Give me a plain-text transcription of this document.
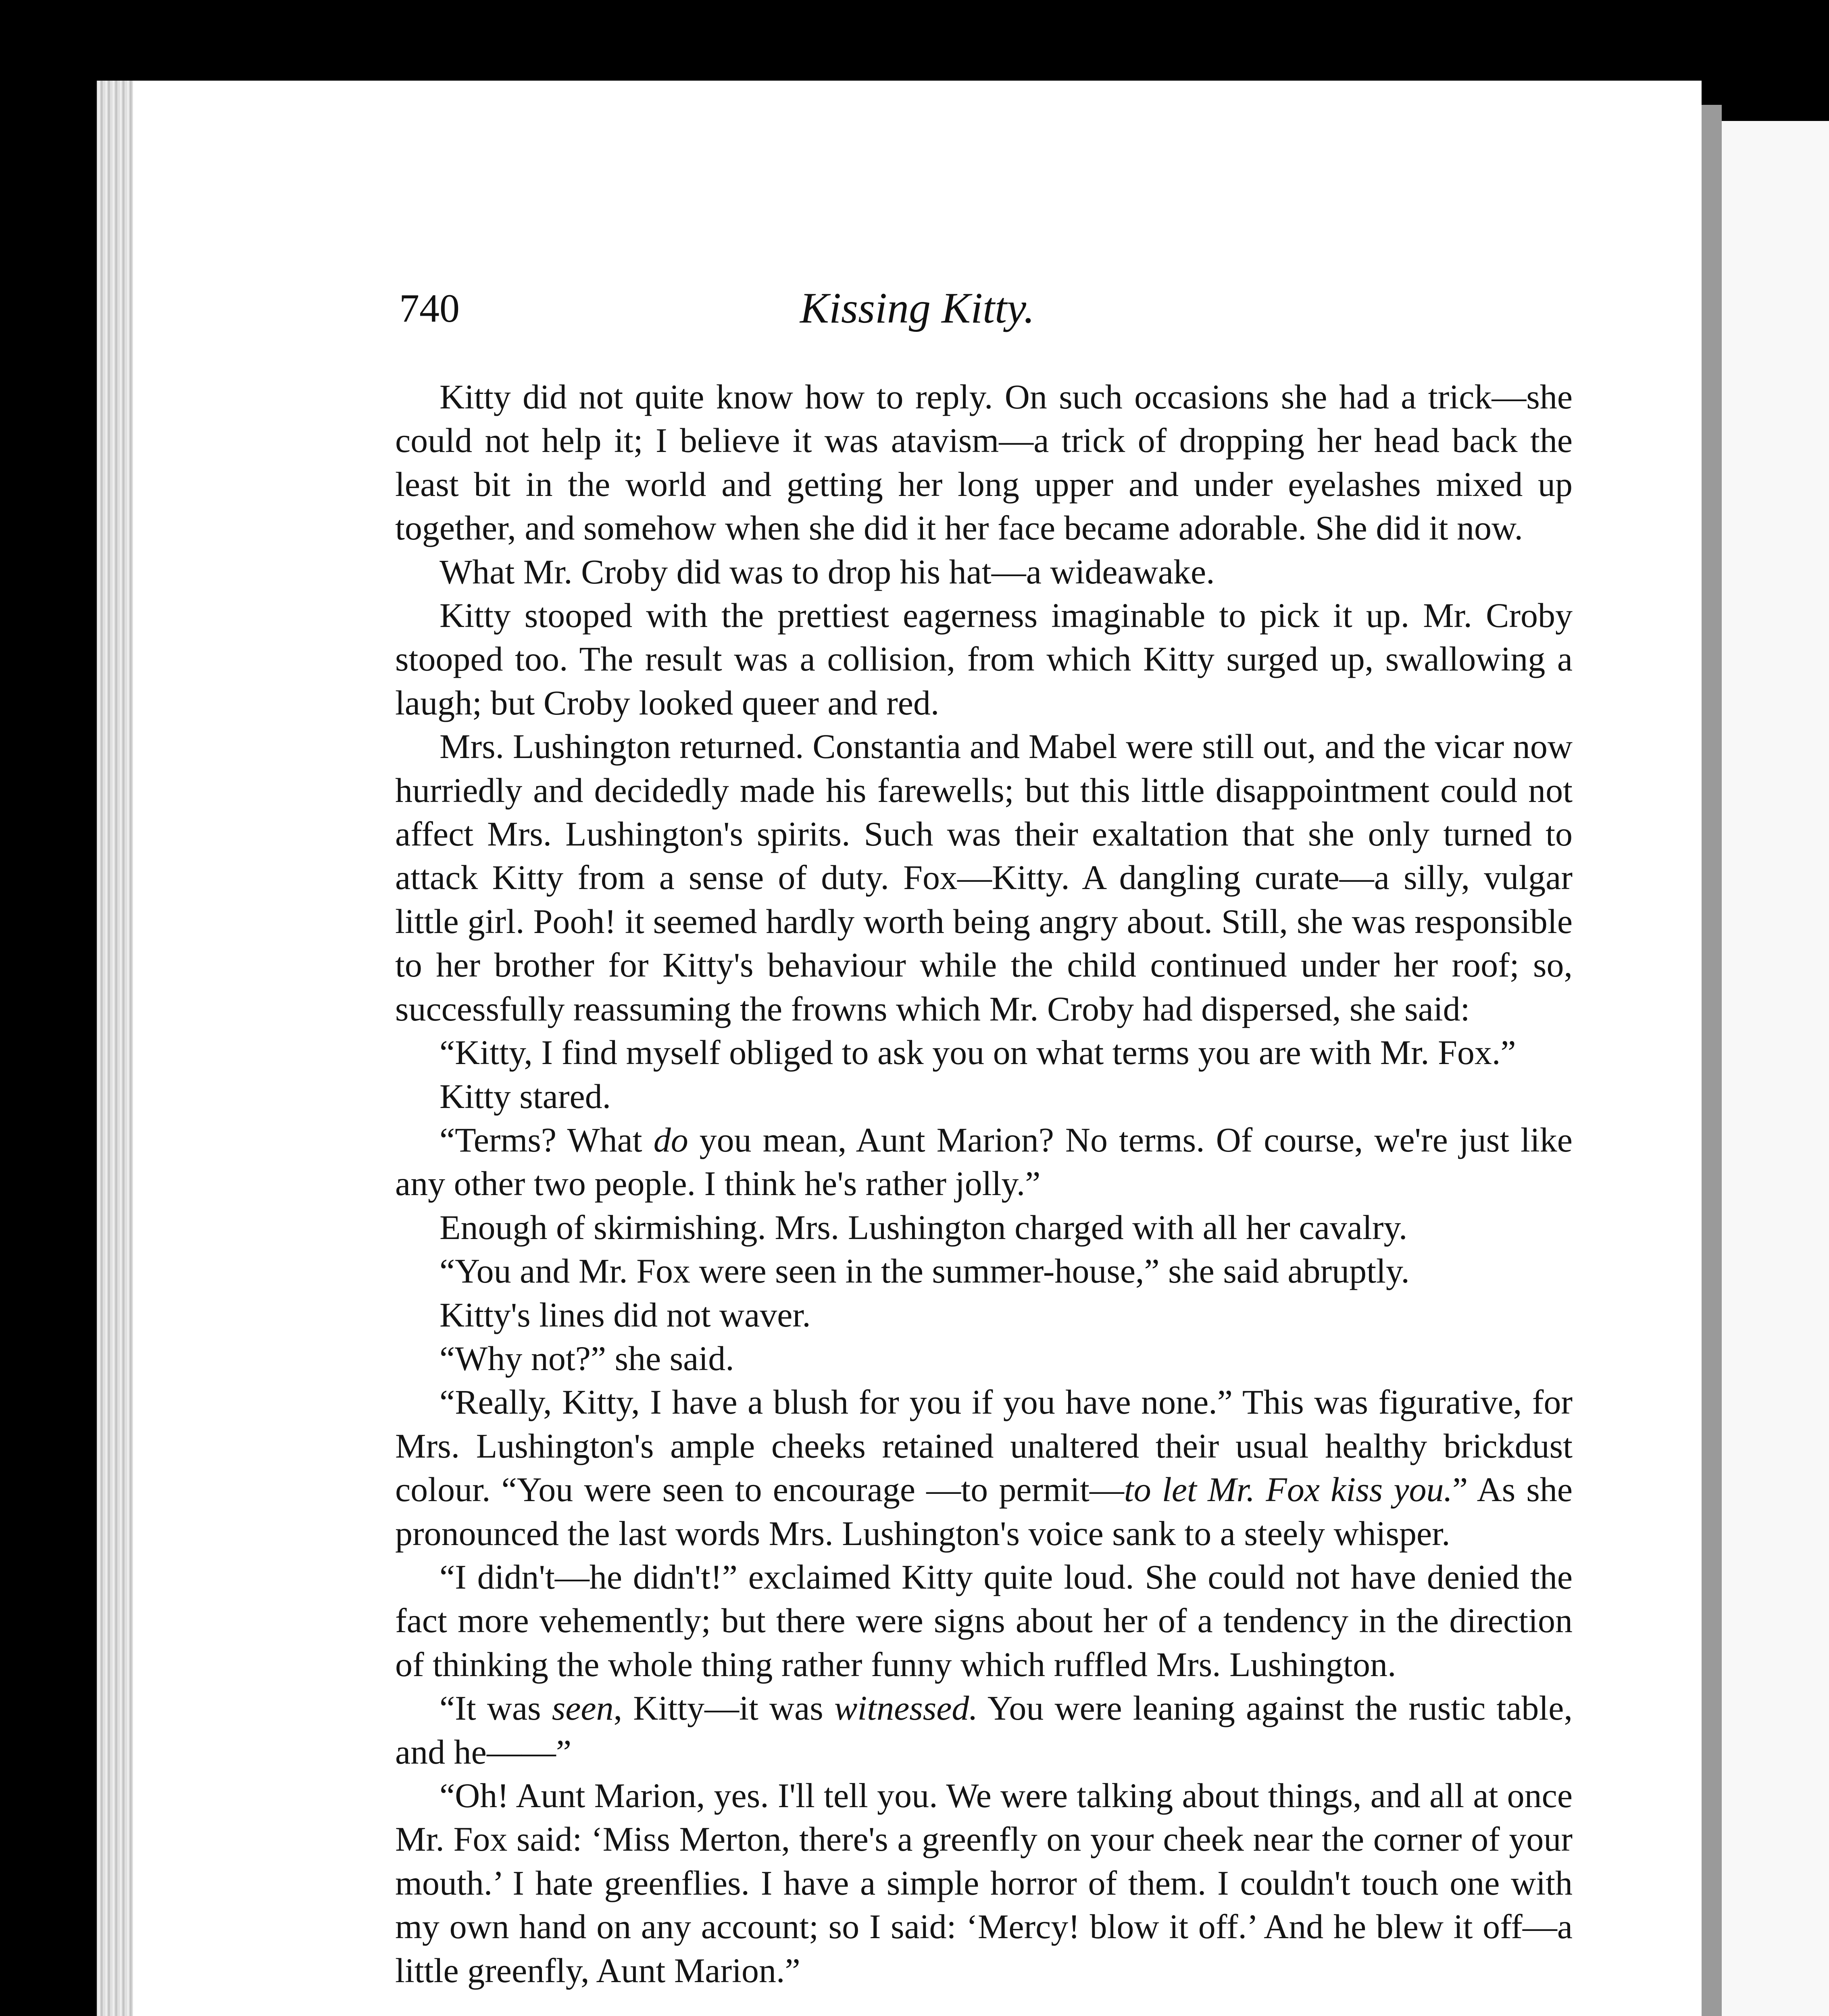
740	Kissing Kitty.

Kitty did not quite know how to reply. On such occasions she had a trick—she could not help it; I believe it was atavism—a trick of dropping her head back the least bit in the world and getting her long upper and under eyelashes mixed up together, and somehow when she did it her face became adorable. She did it now.

What Mr. Croby did was to drop his hat—a wideawake.

Kitty stooped with the prettiest eagerness imaginable to pick it up. Mr. Croby stooped too. The result was a collision, from which Kitty surged up, swallowing a laugh; but Croby looked queer and red.

Mrs. Lushington returned. Constantia and Mabel were still out, and the vicar now hurriedly and decidedly made his farewells; but this little disappointment could not affect Mrs. Lushington's spirits. Such was their exaltation that she only turned to attack Kitty from a sense of duty. Fox—Kitty. A dangling curate—a silly, vulgar little girl. Pooh! it seemed hardly worth being angry about. Still, she was responsible to her brother for Kitty's behaviour while the child continued under her roof; so, successfully reassuming the frowns which Mr. Croby had dispersed, she said:

“Kitty, I find myself obliged to ask you on what terms you are with Mr. Fox.”

Kitty stared.

“Terms? What do you mean, Aunt Marion? No terms. Of course, we're just like any other two people. I think he's rather jolly.”

Enough of skirmishing. Mrs. Lushington charged with all her cavalry.

“You and Mr. Fox were seen in the summer-house,” she said abruptly.

Kitty's lines did not waver.

“Why not?” she said.

“Really, Kitty, I have a blush for you if you have none.” This was figurative, for Mrs. Lushington's ample cheeks retained unaltered their usual healthy brickdust colour. “You were seen to encourage —to permit—to let Mr. Fox kiss you.” As she pronounced the last words Mrs. Lushington's voice sank to a steely whisper.

“I didn't—he didn't!” exclaimed Kitty quite loud. She could not have denied the fact more vehemently; but there were signs about her of a tendency in the direction of thinking the whole thing rather funny which ruffled Mrs. Lushington.

“It was seen, Kitty—it was witnessed. You were leaning against the rustic table, and he——”

“Oh! Aunt Marion, yes. I'll tell you. We were talking about things, and all at once Mr. Fox said: ‘Miss Merton, there's a greenfly on your cheek near the corner of your mouth.’ I hate greenflies. I have a simple horror of them. I couldn't touch one with my own hand on any account; so I said: ‘Mercy! blow it off.’ And he blew it off—a little greenfly, Aunt Marion.”
